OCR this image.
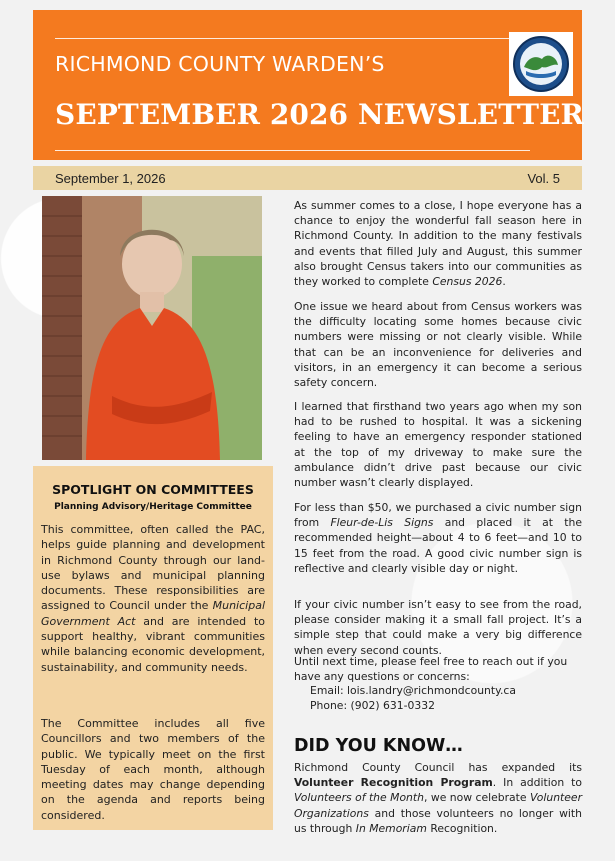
RICHMOND COUNTY WARDEN’S
SEPTEMBER 2026 NEWSLETTER
September 1, 2026	Vol. 5
SPOTLIGHT ON COMMITTEES
Planning Advisory/Heritage Committee
This committee, often called the PAC, helps guide planning and development in Richmond County through our land-use bylaws and municipal planning documents. These responsibilities are assigned to Council under the Municipal Government Act and are intended to support healthy, vibrant communities while balancing economic development, sustainability, and community needs.
The Committee includes all five Councillors and two members of the public. We typically meet on the first Tuesday of each month, although meeting dates may change depending on the agenda and reports being considered.
As summer comes to a close, I hope everyone has a chance to enjoy the wonderful fall season here in Richmond County. In addition to the many festivals and events that filled July and August, this summer also brought Census takers into our communities as they worked to complete Census 2026.
One issue we heard about from Census workers was the difficulty locating some homes because civic numbers were missing or not clearly visible. While that can be an inconvenience for deliveries and visitors, in an emergency it can become a serious safety concern.
I learned that firsthand two years ago when my son had to be rushed to hospital. It was a sickening feeling to have an emergency responder stationed at the top of my driveway to make sure the ambulance didn’t drive past because our civic number wasn’t clearly displayed.
For less than $50, we purchased a civic number sign from Fleur-de-Lis Signs and placed it at the recommended height—about 4 to 6 feet—and 10 to 15 feet from the road. A good civic number sign is reflective and clearly visible day or night.
If your civic number isn’t easy to see from the road, please consider making it a small fall project. It’s a simple step that could make a very big difference when every second counts.
Until next time, please feel free to reach out if you have any questions or concerns:
Email: lois.landry@richmondcounty.ca
Phone: (902) 631-0332
DID YOU KNOW…
Richmond County Council has expanded its Volunteer Recognition Program. In addition to Volunteers of the Month, we now celebrate Volunteer Organizations and those volunteers no longer with us through In Memoriam Recognition.
